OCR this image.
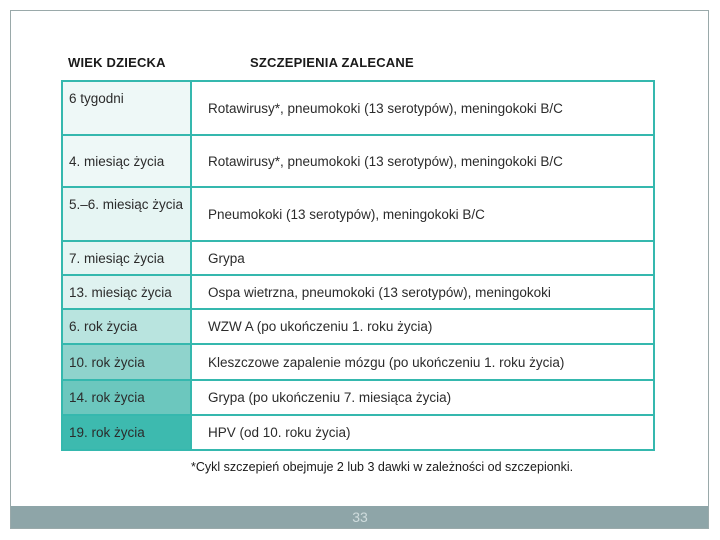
WIEK DZIECKA	SZCZEPIENIA ZALECANE
6 tygodni	Rotawirusy*, pneumokoki (13 serotypów), meningokoki B/C
4. miesiąc życia	Rotawirusy*, pneumokoki (13 serotypów), meningokoki B/C
5.–6. miesiąc życia	Pneumokoki (13 serotypów), meningokoki B/C
7. miesiąc życia	Grypa
13. miesiąc życia	Ospa wietrzna, pneumokoki (13 serotypów), meningokoki
6. rok życia	WZW A (po ukończeniu 1. roku życia)
10. rok życia	Kleszczowe zapalenie mózgu (po ukończeniu 1. roku życia)
14. rok życia	Grypa (po ukończeniu 7. miesiąca życia)
19. rok życia	HPV (od 10. roku życia)
*Cykl szczepień obejmuje 2 lub 3 dawki w zależności od szczepionki.
33
